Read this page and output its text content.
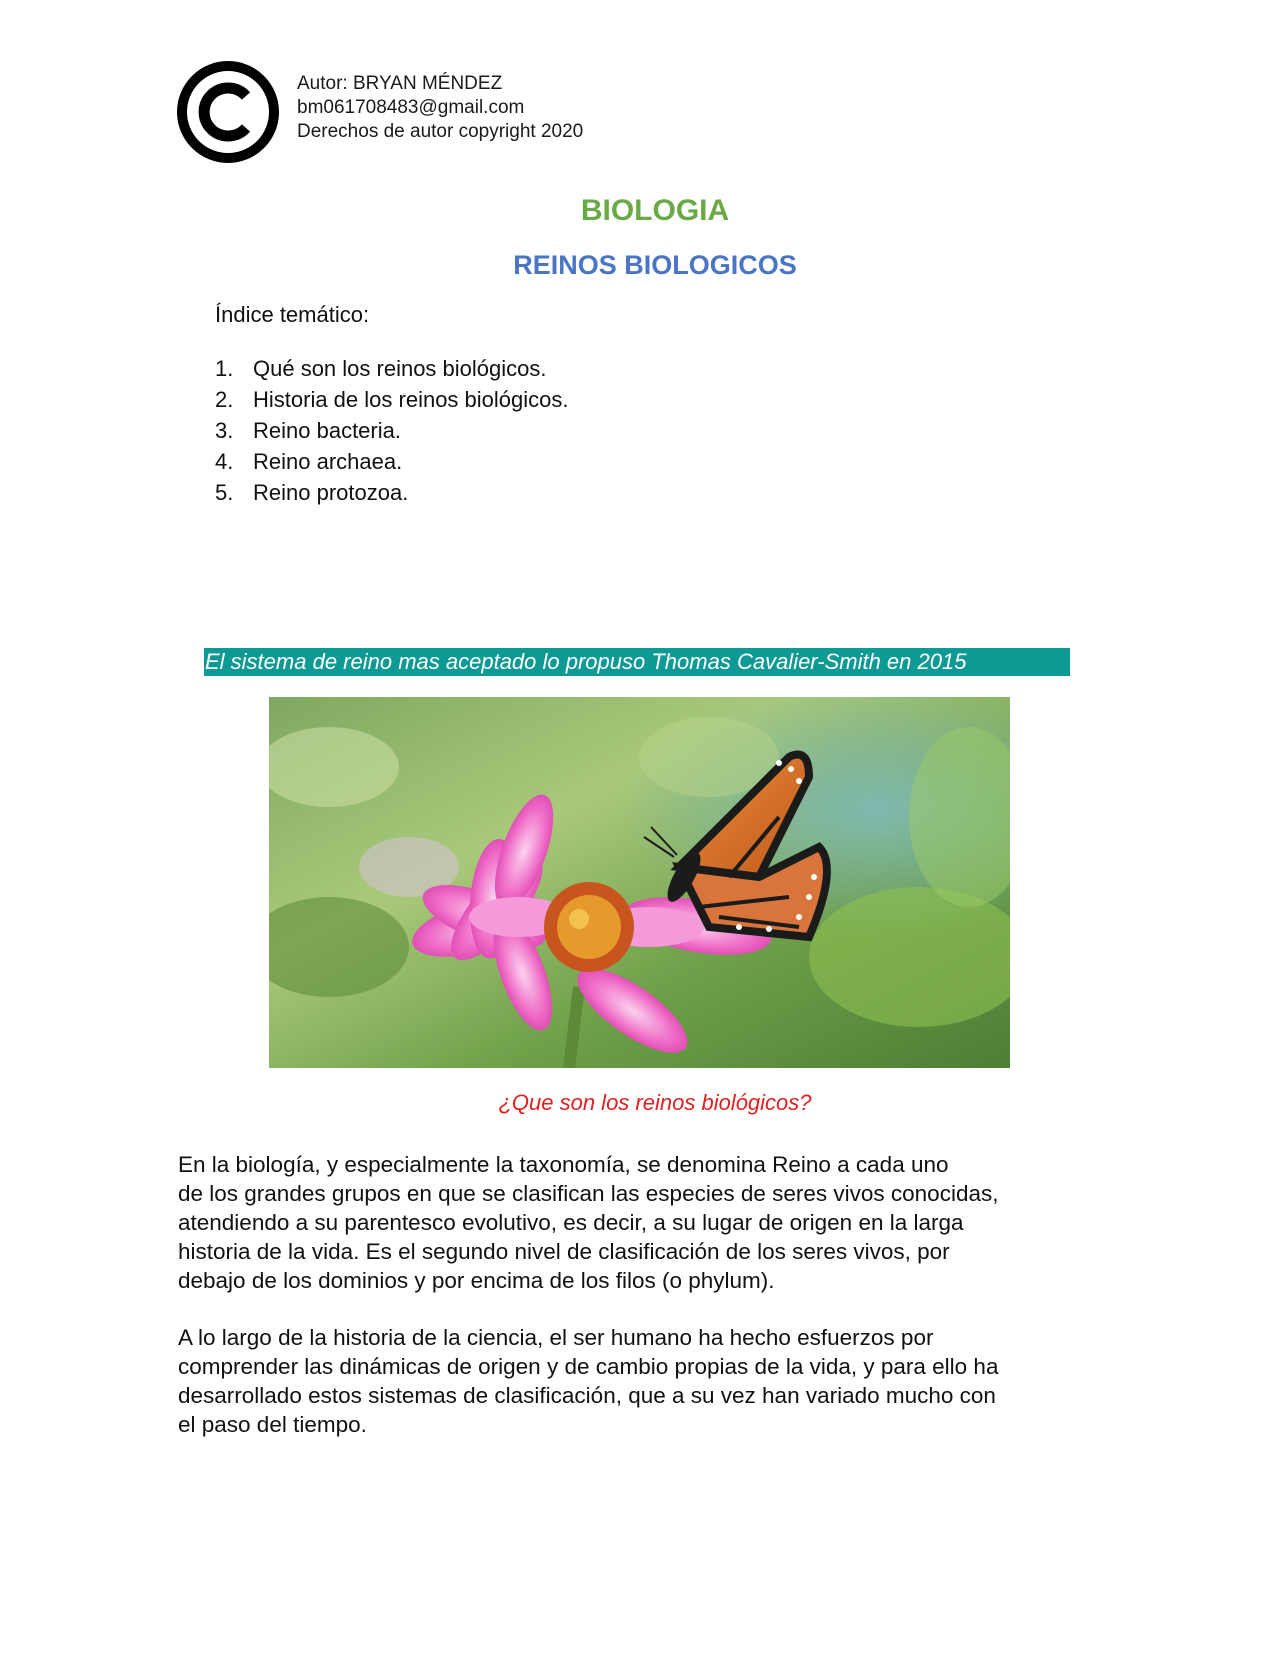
Autor: BRYAN MÉNDEZ
bm061708483@gmail.com
Derechos de autor copyright 2020
BIOLOGIA
REINOS BIOLOGICOS
Índice temático:
1. Qué son los reinos biológicos.
2. Historia de los reinos biológicos.
3. Reino bacteria.
4. Reino archaea.
5. Reino protozoa.
El sistema de reino mas aceptado lo propuso Thomas Cavalier-Smith en 2015
¿Que son los reinos biológicos?

En la biología, y especialmente la taxonomía, se denomina Reino a cada uno
de los grandes grupos en que se clasifican las especies de seres vivos conocidas,
atendiendo a su parentesco evolutivo, es decir, a su lugar de origen en la larga
historia de la vida. Es el segundo nivel de clasificación de los seres vivos, por
debajo de los dominios y por encima de los filos (o phylum).

A lo largo de la historia de la ciencia, el ser humano ha hecho esfuerzos por
comprender las dinámicas de origen y de cambio propias de la vida, y para ello ha
desarrollado estos sistemas de clasificación, que a su vez han variado mucho con
el paso del tiempo.
